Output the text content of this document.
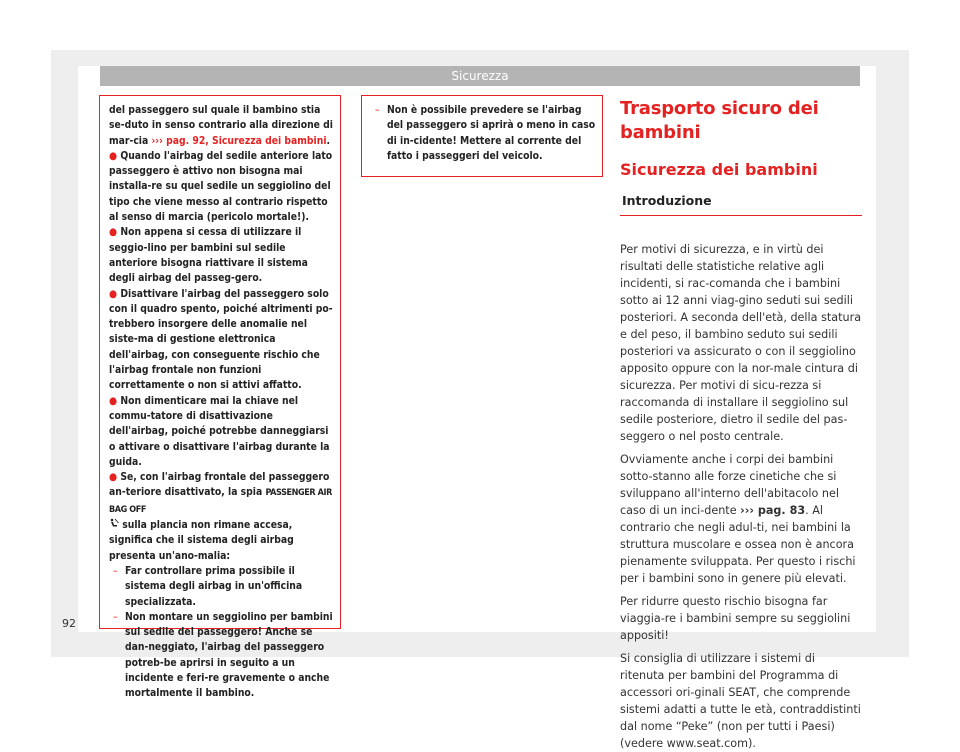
Sicurezza

del passeggero sul quale il bambino stia se-duto in senso contrario alla direzione di mar-cia ››› pag. 92, Sicurezza dei bambini.

● Quando l'airbag del sedile anteriore lato passeggero è attivo non bisogna mai installa-re su quel sedile un seggiolino del tipo che viene messo al contrario rispetto al senso di marcia (pericolo mortale!).

● Non appena si cessa di utilizzare il seggio-lino per bambini sul sedile anteriore bisogna riattivare il sistema degli airbag del passeg-gero.

● Disattivare l'airbag del passeggero solo con il quadro spento, poiché altrimenti po-trebbero insorgere delle anomalie nel siste-ma di gestione elettronica dell'airbag, con conseguente rischio che l'airbag frontale non funzioni correttamente o non si attivi affatto.

● Non dimenticare mai la chiave nel commu-tatore di disattivazione dell'airbag, poiché potrebbe danneggiarsi o attivare o disattivare l'airbag durante la guida.

● Se, con l'airbag frontale del passeggero an-teriore disattivato, la spia PASSENGER AIR BAG OFF
sulla plancia non rimane accesa, significa che il sistema degli airbag presenta un'ano-malia:

– Far controllare prima possibile il sistema degli airbag in un'officina specializzata.

– Non montare un seggiolino per bambini sul sedile del passeggero! Anche se dan-neggiato, l'airbag del passeggero potreb-be aprirsi in seguito a un incidente e feri-re gravemente o anche mortalmente il bambino.

– Non è possibile prevedere se l'airbag del passeggero si aprirà o meno in caso di in-cidente! Mettere al corrente del fatto i passeggeri del veicolo.

Trasporto sicuro dei bambini
Sicurezza dei bambini
Introduzione

Per motivi di sicurezza, e in virtù dei risultati delle statistiche relative agli incidenti, si rac-comanda che i bambini sotto ai 12 anni viag-gino seduti sui sedili posteriori. A seconda dell'età, della statura e del peso, il bambino seduto sui sedili posteriori va assicurato o con il seggiolino apposito oppure con la nor-male cintura di sicurezza. Per motivi di sicu-rezza si raccomanda di installare il seggiolino sul sedile posteriore, dietro il sedile del pas-seggero o nel posto centrale.

Ovviamente anche i corpi dei bambini sotto-stanno alle forze cinetiche che si sviluppano all'interno dell'abitacolo nel caso di un inci-dente ››› pag. 83. Al contrario che negli adul-ti, nei bambini la struttura muscolare e ossea non è ancora pienamente sviluppata. Per questo i rischi per i bambini sono in genere più elevati.

Per ridurre questo rischio bisogna far viaggia-re i bambini sempre su seggiolini appositi!

Si consiglia di utilizzare i sistemi di ritenuta per bambini del Programma di accessori ori-ginali SEAT, che comprende sistemi adatti a tutte le età, contraddistinti dal nome “Peke” (non per tutti i Paesi) (vedere www.seat.com).

92
